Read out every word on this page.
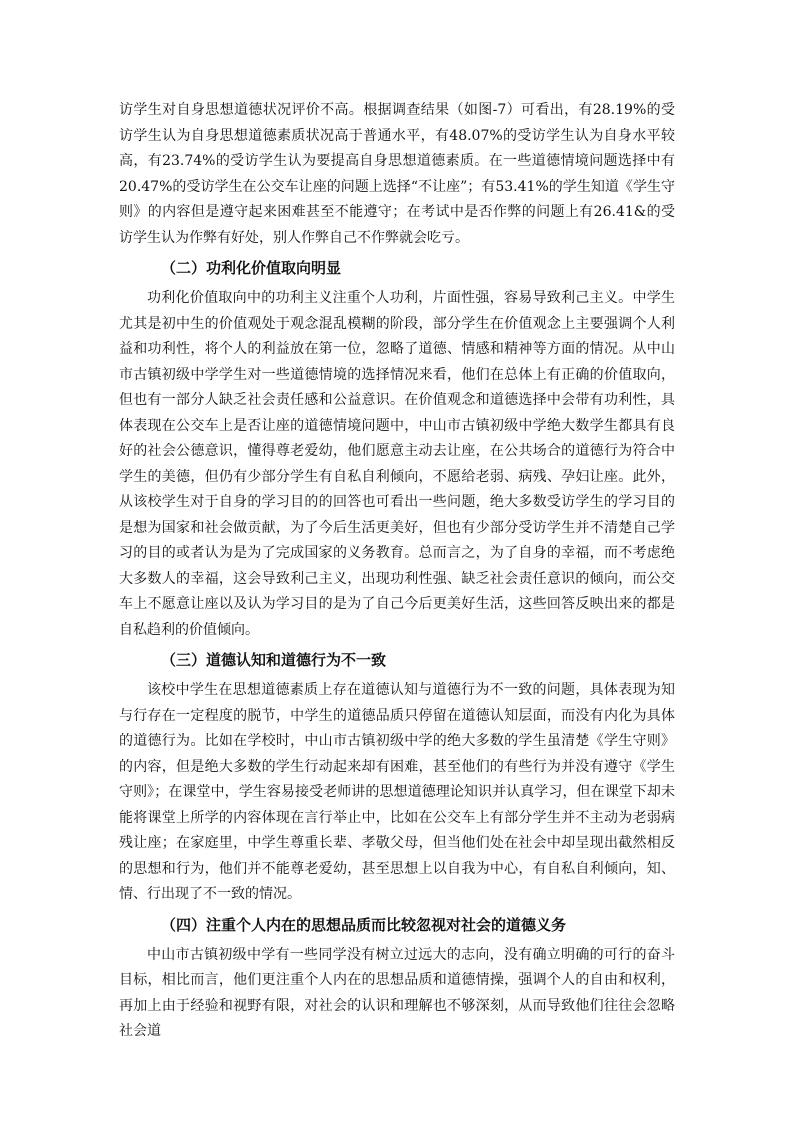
访学生对自身思想道德状况评价不高。根据调查结果（如图-7）可看出，有28.19%的受访学生认为自身思想道德素质状况高于普通水平，有48.07%的受访学生认为自身水平较高，有23.74%的受访学生认为要提高自身思想道德素质。在一些道德情境问题选择中有20.47%的受访学生在公交车让座的问题上选择“不让座”；有53.41%的学生知道《学生守则》的内容但是遵守起来困难甚至不能遵守；在考试中是否作弊的问题上有26.41&的受访学生认为作弊有好处，别人作弊自己不作弊就会吃亏。

（二）功利化价值取向明显

功利化价值取向中的功利主义注重个人功利，片面性强，容易导致利己主义。中学生尤其是初中生的价值观处于观念混乱模糊的阶段，部分学生在价值观念上主要强调个人利益和功利性，将个人的利益放在第一位，忽略了道德、情感和精神等方面的情况。从中山市古镇初级中学学生对一些道德情境的选择情况来看，他们在总体上有正确的价值取向，但也有一部分人缺乏社会责任感和公益意识。在价值观念和道德选择中会带有功利性，具体表现在公交车上是否让座的道德情境问题中，中山市古镇初级中学绝大数学生都具有良好的社会公德意识，懂得尊老爱幼，他们愿意主动去让座，在公共场合的道德行为符合中学生的美德，但仍有少部分学生有自私自利倾向，不愿给老弱、病残、孕妇让座。此外，从该校学生对于自身的学习目的的回答也可看出一些问题，绝大多数受访学生的学习目的是想为国家和社会做贡献，为了今后生活更美好，但也有少部分受访学生并不清楚自己学习的目的或者认为是为了完成国家的义务教育。总而言之，为了自身的幸福，而不考虑绝大多数人的幸福，这会导致利己主义，出现功利性强、缺乏社会责任意识的倾向，而公交车上不愿意让座以及认为学习目的是为了自己今后更美好生活，这些回答反映出来的都是自私趋利的价值倾向。

（三）道德认知和道德行为不一致

该校中学生在思想道德素质上存在道德认知与道德行为不一致的问题，具体表现为知与行存在一定程度的脱节，中学生的道德品质只停留在道德认知层面，而没有内化为具体的道德行为。比如在学校时，中山市古镇初级中学的绝大多数的学生虽清楚《学生守则》的内容，但是绝大多数的学生行动起来却有困难，甚至他们的有些行为并没有遵守《学生守则》；在课堂中，学生容易接受老师讲的思想道德理论知识并认真学习，但在课堂下却未能将课堂上所学的内容体现在言行举止中，比如在公交车上有部分学生并不主动为老弱病残让座；在家庭里，中学生尊重长辈、孝敬父母，但当他们处在社会中却呈现出截然相反的思想和行为，他们并不能尊老爱幼，甚至思想上以自我为中心，有自私自利倾向，知、情、行出现了不一致的情况。

（四）注重个人内在的思想品质而比较忽视对社会的道德义务

中山市古镇初级中学有一些同学没有树立过远大的志向，没有确立明确的可行的奋斗目标，相比而言，他们更注重个人内在的思想品质和道德情操，强调个人的自由和权利，再加上由于经验和视野有限，对社会的认识和理解也不够深刻，从而导致他们往往会忽略社会道
